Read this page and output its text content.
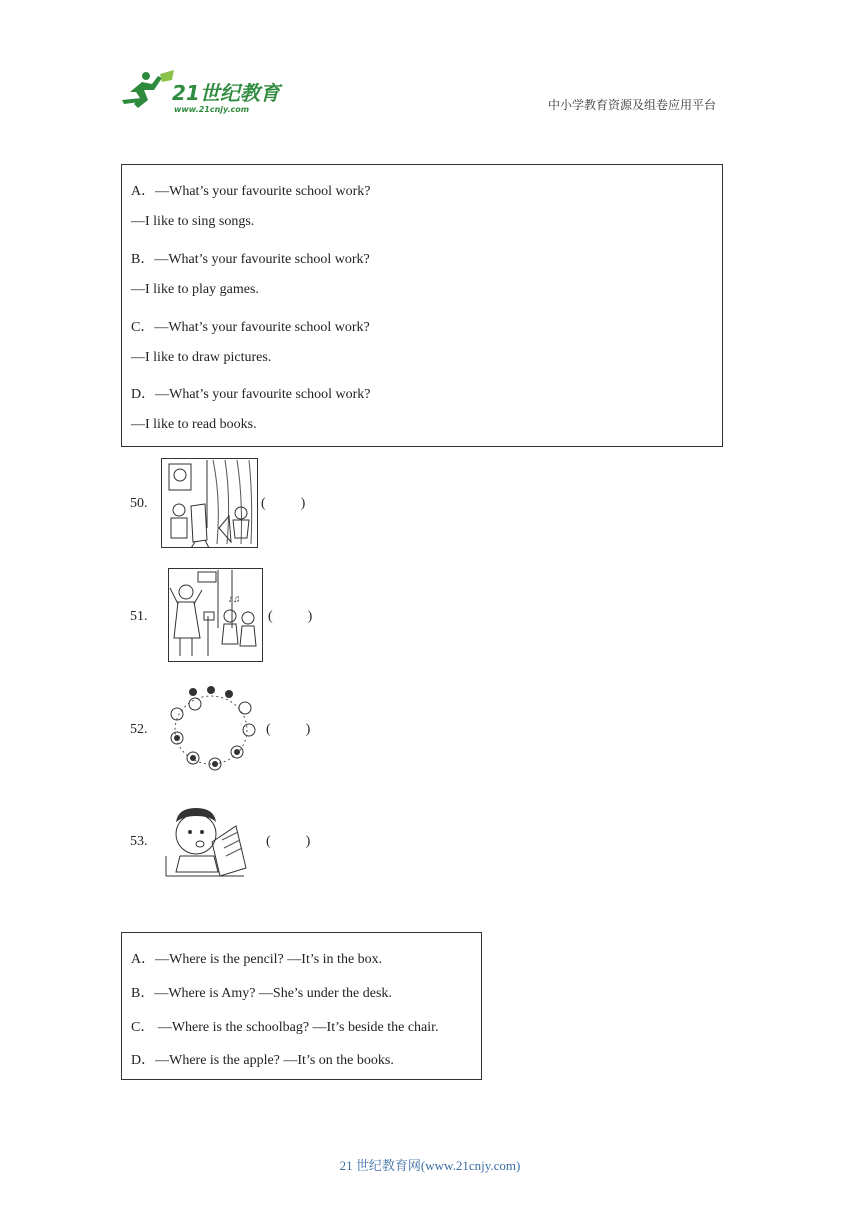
21世纪教育
www.21cnjy.com	中小学教育资源及组卷应用平台
A．—What’s your favourite school work?
—I like to sing songs.
B．—What’s your favourite school work?
—I like to play games.
C．—What’s your favourite school work?
—I like to draw pictures.
D．—What’s your favourite school work?
—I like to read books.
50.	(          )
51.
♪♫
(          )
52.	(          )
53.	(          )
A．—Where is the pencil? —It’s in the box.
B．—Where is Amy? —She’s under the desk.
C． —Where is the schoolbag? —It’s beside the chair.
D．—Where is the apple? —It’s on the books.
21 世纪教育网(www.21cnjy.com)
